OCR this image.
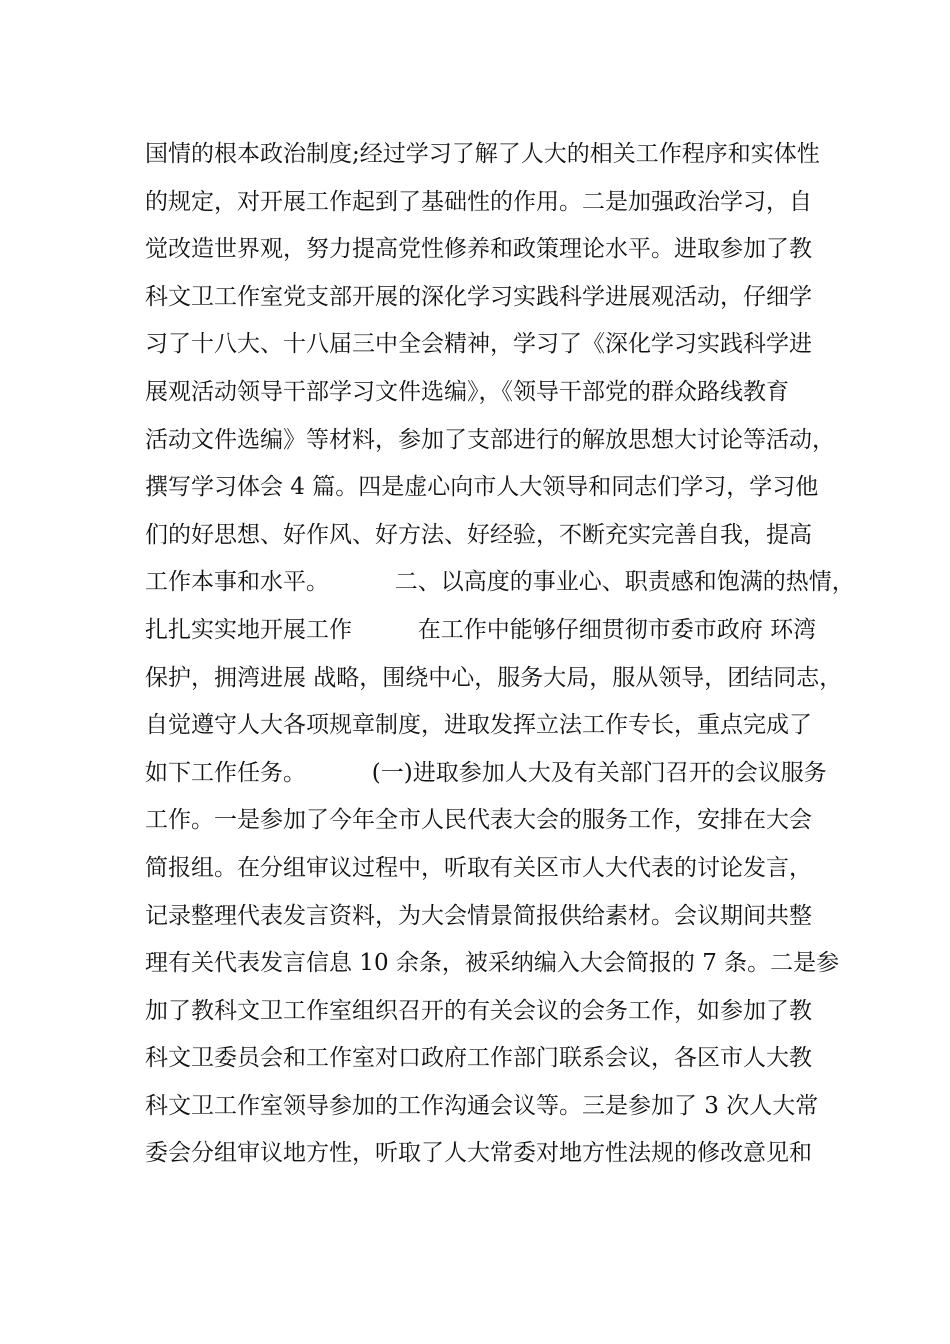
国情的根本政治制度;经过学习了解了人大的相关工作程序和实体性
的规定，对开展工作起到了基础性的作用。二是加强政治学习，自
觉改造世界观，努力提高党性修养和政策理论水平。进取参加了教
科文卫工作室党支部开展的深化学习实践科学进展观活动，仔细学
习了十八大、十八届三中全会精神，学习了《深化学习实践科学进
展观活动领导干部学习文件选编》，《领导干部党的群众路线教育
活动文件选编》等材料，参加了支部进行的解放思想大讨论等活动，
撰写学习体会 4 篇。四是虚心向市人大领导和同志们学习，学习他
们的好思想、好作风、好方法、好经验，不断充实完善自我，提高
工作本事和水平。         二、以高度的事业心、职责感和饱满的热情，
扎扎实实地开展工作         在工作中能够仔细贯彻市委市政府 环湾
保护，拥湾进展 战略，围绕中心，服务大局，服从领导，团结同志，
自觉遵守人大各项规章制度，进取发挥立法工作专长，重点完成了
如下工作任务。         (一)进取参加人大及有关部门召开的会议服务
工作。一是参加了今年全市人民代表大会的服务工作，安排在大会
简报组。在分组审议过程中，听取有关区市人大代表的讨论发言，
记录整理代表发言资料，为大会情景简报供给素材。会议期间共整
理有关代表发言信息 10 余条，被采纳编入大会简报的 7 条。二是参
加了教科文卫工作室组织召开的有关会议的会务工作，如参加了教
科文卫委员会和工作室对口政府工作部门联系会议，各区市人大教
科文卫工作室领导参加的工作沟通会议等。三是参加了 3 次人大常
委会分组审议地方性，听取了人大常委对地方性法规的修改意见和
